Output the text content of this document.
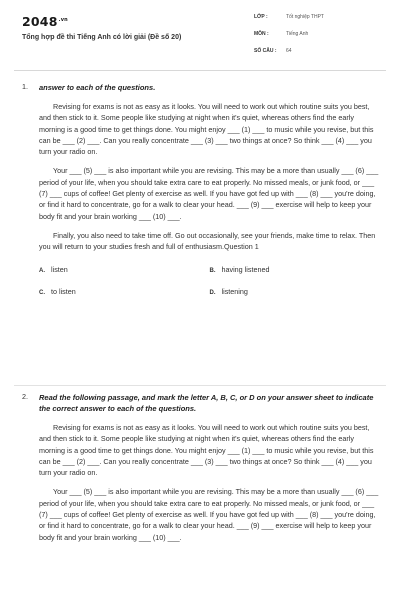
$2048^{.vn}$
Tổng hợp đề thi Tiếng Anh có lời giải (Đề số 20)
LỚP :	Tốt nghiệp THPT
MÔN :	Tiếng Anh
SỐ CÂU :	64
1. answer to each of the questions.
Revising for exams is not as easy as it looks. You will need to work out which routine suits you best, and then stick to it. Some people like studying at night when it's quiet, whereas others find the early morning is a good time to get things done. You might enjoy ___ (1) ___ to music while you revise, but this can be ___ (2) ___. Can you really concentrate ___ (3) ___ two things at once? So think ___ (4) ___ you turn your radio on.
Your ___ (5) ___ is also important while you are revising. This may be a more than usually ___ (6) ___ period of your life, when you should take extra care to eat properly. No missed meals, or junk food, or ___ (7) ___ cups of coffee! Get plenty of exercise as well. If you have got fed up with ___ (8) ___ you're doing, or find it hard to concentrate, go for a walk to clear your head. ___ (9) ___ exercise will help to keep your body fit and your brain working ___ (10) ___.
Finally, you also need to take time off. Go out occasionally, see your friends, make time to relax. Then you will return to your studies fresh and full of enthusiasm.Question 1
A. listen	B. having listened
C. to listen	D. listening
2. Read the following passage, and mark the letter A, B, C, or D on your answer sheet to indicate the correct answer to each of the questions.
Revising for exams is not as easy as it looks. You will need to work out which routine suits you best, and then stick to it. Some people like studying at night when it's quiet, whereas others find the early morning is a good time to get things done. You might enjoy ___ (1) ___ to music while you revise, but this can be ___ (2) ___. Can you really concentrate ___ (3) ___ two things at once? So think ___ (4) ___ you turn your radio on.
Your ___ (5) ___ is also important while you are revising. This may be a more than usually ___ (6) ___ period of your life, when you should take extra care to eat properly. No missed meals, or junk food, or ___ (7) ___ cups of coffee! Get plenty of exercise as well. If you have got fed up with ___ (8) ___ you're doing, or find it hard to concentrate, go for a walk to clear your head. ___ (9) ___ exercise will help to keep your body fit and your brain working ___ (10) ___.
